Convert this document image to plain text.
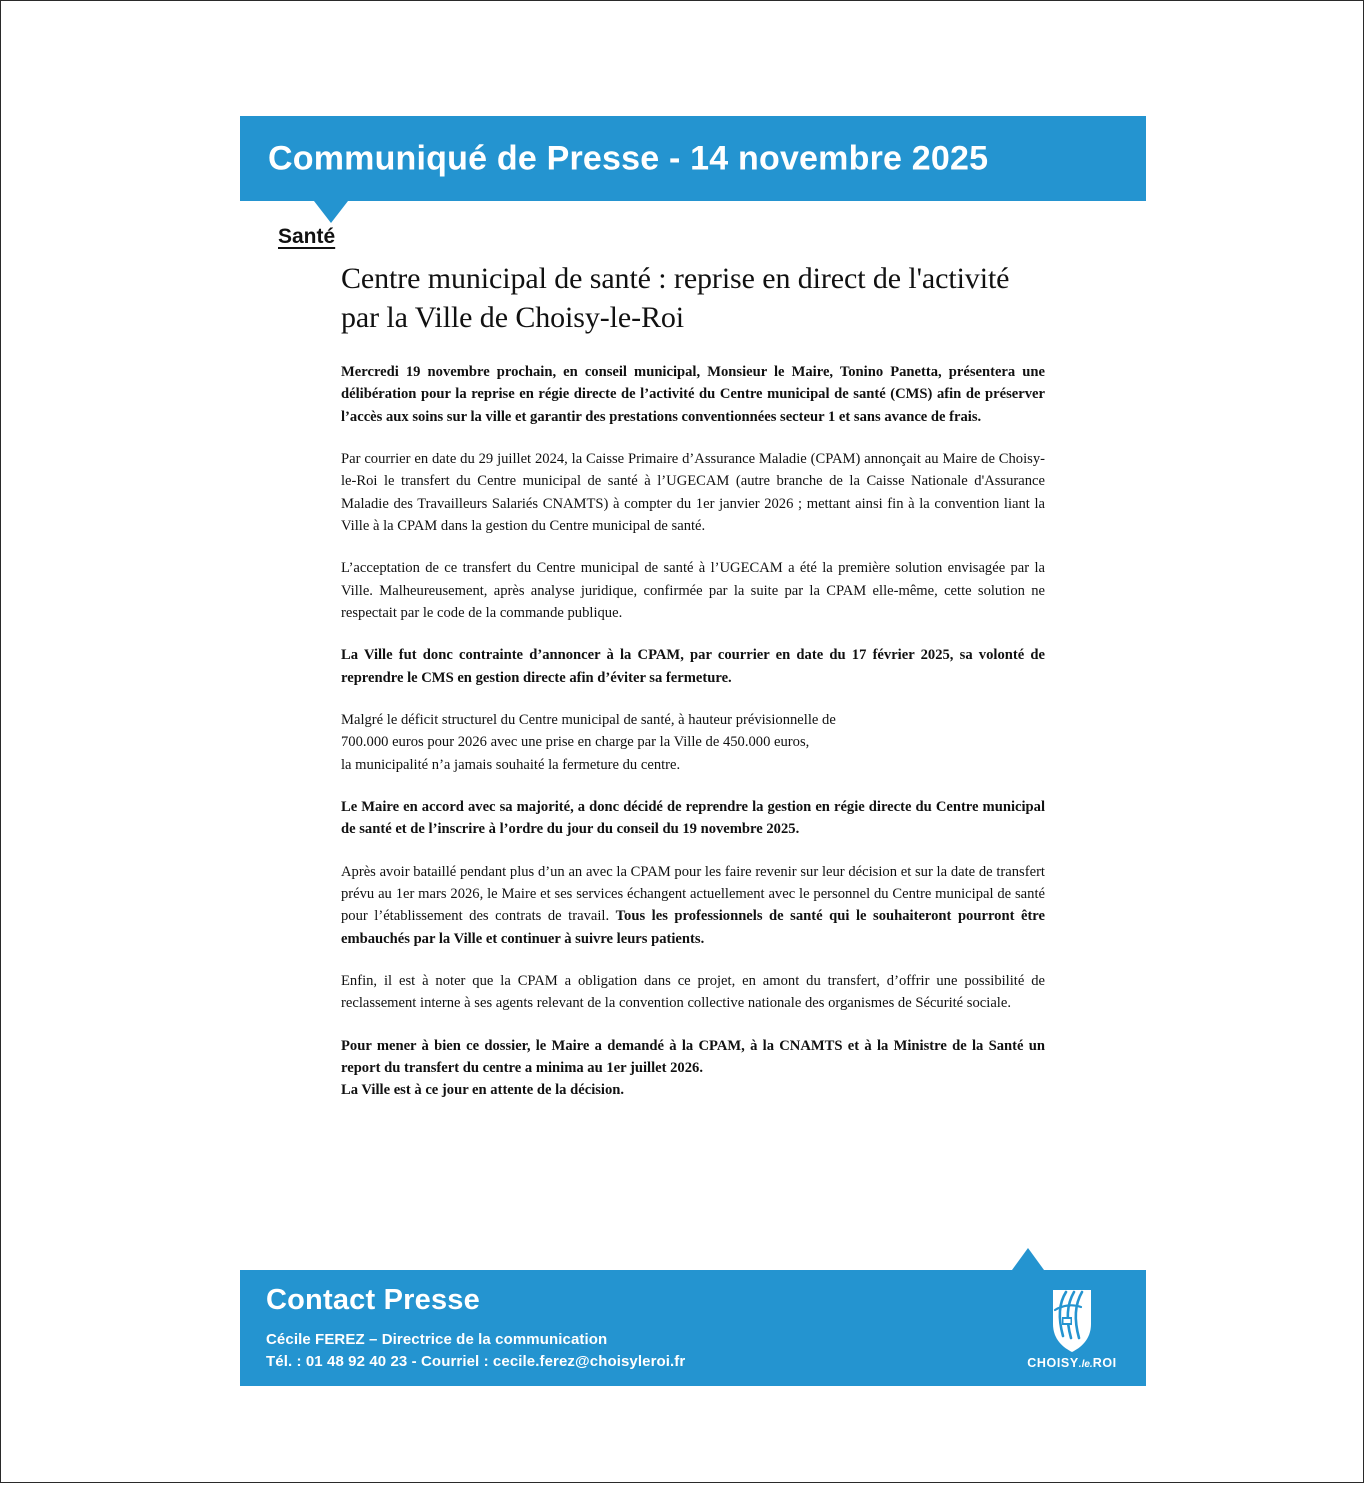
Communiqué de Presse - 14 novembre 2025
Santé
Centre municipal de santé : reprise en direct de l'activité par la Ville de Choisy-le-Roi

Mercredi 19 novembre prochain, en conseil municipal, Monsieur le Maire, Tonino Panetta, présentera une délibération pour la reprise en régie directe de l’activité du Centre municipal de santé (CMS) afin de préserver l’accès aux soins sur la ville et garantir des prestations conventionnées secteur 1 et sans avance de frais.

Par courrier en date du 29 juillet 2024, la Caisse Primaire d’Assurance Maladie (CPAM) annonçait au Maire de Choisy-le-Roi le transfert du Centre municipal de santé à l’UGECAM (autre branche de la Caisse Nationale d'Assurance Maladie des Travailleurs Salariés CNAMTS) à compter du 1er janvier 2026 ; mettant ainsi fin à la convention liant la Ville à la CPAM dans la gestion du Centre municipal de santé.

L’acceptation de ce transfert du Centre municipal de santé à l’UGECAM a été la première solution envisagée par la Ville. Malheureusement, après analyse juridique, confirmée par la suite par la CPAM elle-même, cette solution ne respectait par le code de la commande publique.

La Ville fut donc contrainte d’annoncer à la CPAM, par courrier en date du 17 février 2025, sa volonté de reprendre le CMS en gestion directe afin d’éviter sa fermeture.

Malgré le déficit structurel du Centre municipal de santé, à hauteur prévisionnelle de
700.000 euros pour 2026 avec une prise en charge par la Ville de 450.000 euros,
la municipalité n’a jamais souhaité la fermeture du centre.

Le Maire en accord avec sa majorité, a donc décidé de reprendre la gestion en régie directe du Centre municipal de santé et de l’inscrire à l’ordre du jour du conseil du 19 novembre 2025.

Après avoir bataillé pendant plus d’un an avec la CPAM pour les faire revenir sur leur décision et sur la date de transfert prévu au 1er mars 2026, le Maire et ses services échangent actuellement avec le personnel du Centre municipal de santé pour l’établissement des contrats de travail. Tous les professionnels de santé qui le souhaiteront pourront être embauchés par la Ville et continuer à suivre leurs patients.

Enfin, il est à noter que la CPAM a obligation dans ce projet, en amont du transfert, d’offrir une possibilité de reclassement interne à ses agents relevant de la convention collective nationale des organismes de Sécurité sociale.

Pour mener à bien ce dossier, le Maire a demandé à la CPAM, à la CNAMTS et à la Ministre de la Santé un report du transfert du centre a minima au 1er juillet 2026.
La Ville est à ce jour en attente de la décision.

Contact Presse
Cécile FEREZ – Directrice de la communication
Tél. : 01 48 92 40 23 - Courriel : cecile.ferez@choisyleroi.fr	CHOISY.le.ROI
